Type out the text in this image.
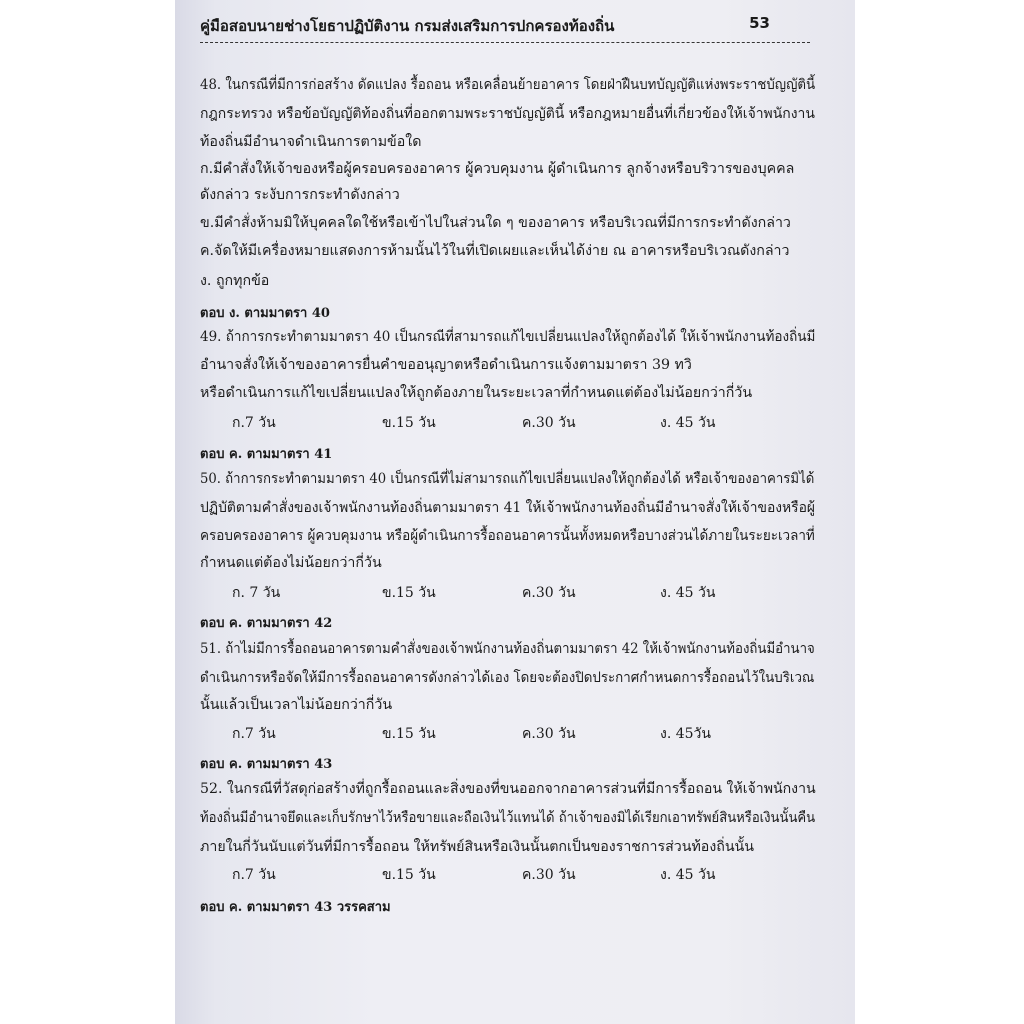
คู่มือสอบนายช่างโยธาปฏิบัติงาน กรมส่งเสริมการปกครองท้องถิ่น	53
48. ในกรณีที่มีการก่อสร้าง ดัดแปลง รื้อถอน หรือเคลื่อนย้ายอาคาร โดยฝ่าฝืนบทบัญญัติแห่งพระราชบัญญัตินี้
กฎกระทรวง หรือข้อบัญญัติท้องถิ่นที่ออกตามพระราชบัญญัตินี้ หรือกฎหมายอื่นที่เกี่ยวข้องให้เจ้าพนักงาน
ท้องถิ่นมีอำนาจดำเนินการตามข้อใด
ก.มีคำสั่งให้เจ้าของหรือผู้ครอบครองอาคาร ผู้ควบคุมงาน ผู้ดำเนินการ ลูกจ้างหรือบริวารของบุคคล
ดังกล่าว ระงับการกระทำดังกล่าว
ข.มีคำสั่งห้ามมิให้บุคคลใดใช้หรือเข้าไปในส่วนใด ๆ ของอาคาร หรือบริเวณที่มีการกระทำดังกล่าว
ค.จัดให้มีเครื่องหมายแสดงการห้ามนั้นไว้ในที่เปิดเผยและเห็นได้ง่าย ณ อาคารหรือบริเวณดังกล่าว
ง. ถูกทุกข้อ
ตอบ ง. ตามมาตรา 40
49. ถ้าการกระทำตามมาตรา 40 เป็นกรณีที่สามารถแก้ไขเปลี่ยนแปลงให้ถูกต้องได้ ให้เจ้าพนักงานท้องถิ่นมี
อำนาจสั่งให้เจ้าของอาคารยื่นคำขออนุญาตหรือดำเนินการแจ้งตามมาตรา 39 ทวิ
หรือดำเนินการแก้ไขเปลี่ยนแปลงให้ถูกต้องภายในระยะเวลาที่กำหนดแต่ต้องไม่น้อยกว่ากี่วัน
ก.7 วัน	ข.15 วัน	ค.30 วัน	ง. 45 วัน
ตอบ ค. ตามมาตรา 41
50. ถ้าการกระทำตามมาตรา 40 เป็นกรณีที่ไม่สามารถแก้ไขเปลี่ยนแปลงให้ถูกต้องได้ หรือเจ้าของอาคารมิได้
ปฏิบัติตามคำสั่งของเจ้าพนักงานท้องถิ่นตามมาตรา 41 ให้เจ้าพนักงานท้องถิ่นมีอำนาจสั่งให้เจ้าของหรือผู้
ครอบครองอาคาร ผู้ควบคุมงาน หรือผู้ดำเนินการรื้อถอนอาคารนั้นทั้งหมดหรือบางส่วนได้ภายในระยะเวลาที่
กำหนดแต่ต้องไม่น้อยกว่ากี่วัน
ก. 7 วัน	ข.15 วัน	ค.30 วัน	ง. 45 วัน
ตอบ ค. ตามมาตรา 42
51. ถ้าไม่มีการรื้อถอนอาคารตามคำสั่งของเจ้าพนักงานท้องถิ่นตามมาตรา 42 ให้เจ้าพนักงานท้องถิ่นมีอำนาจ
ดำเนินการหรือจัดให้มีการรื้อถอนอาคารดังกล่าวได้เอง โดยจะต้องปิดประกาศกำหนดการรื้อถอนไว้ในบริเวณ
นั้นแล้วเป็นเวลาไม่น้อยกว่ากี่วัน
ก.7 วัน	ข.15 วัน	ค.30 วัน	ง. 45วัน
ตอบ ค. ตามมาตรา 43
52. ในกรณีที่วัสดุก่อสร้างที่ถูกรื้อถอนและสิ่งของที่ขนออกจากอาคารส่วนที่มีการรื้อถอน ให้เจ้าพนักงาน
ท้องถิ่นมีอำนาจยึดและเก็บรักษาไว้หรือขายและถือเงินไว้แทนได้ ถ้าเจ้าของมิได้เรียกเอาทรัพย์สินหรือเงินนั้นคืน
ภายในกี่วันนับแต่วันที่มีการรื้อถอน ให้ทรัพย์สินหรือเงินนั้นตกเป็นของราชการส่วนท้องถิ่นนั้น
ก.7 วัน	ข.15 วัน	ค.30 วัน	ง. 45 วัน
ตอบ ค. ตามมาตรา 43 วรรคสาม
